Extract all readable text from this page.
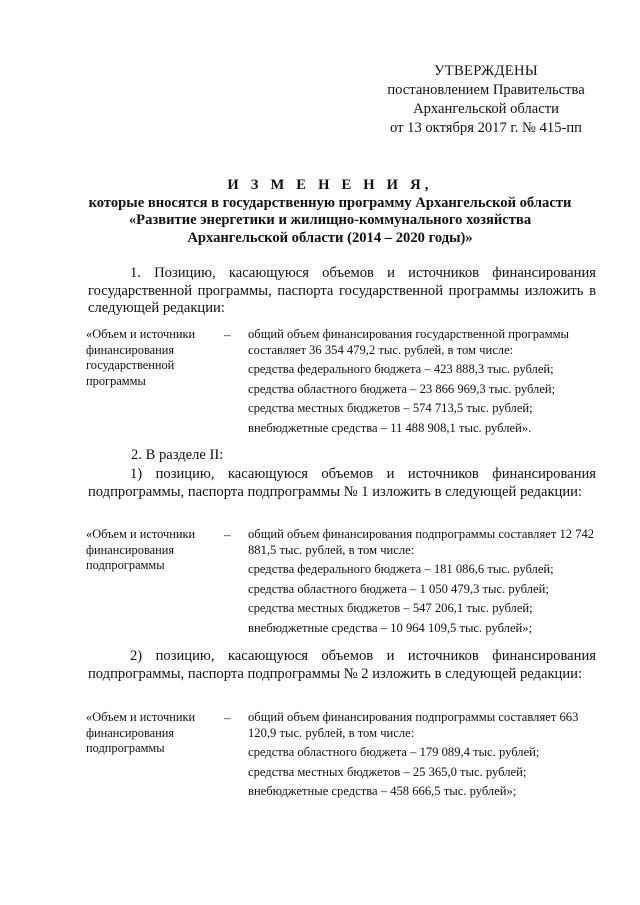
УТВЕРЖДЕНЫ
постановлением Правительства
Архангельской области
от 13 октября 2017 г. № 415-пп
И З М Е Н Е Н И Я,
которые вносятся в государственную программу Архангельской области
«Развитие энергетики и жилищно-коммунального хозяйства
Архангельской области (2014 – 2020 годы)»
1. Позицию, касающуюся объемов и источников финансирования государственной программы, паспорта государственной программы изложить в следующей редакции:
«Объем и источники финансирования государственной программы
– общий объем финансирования государственной программы составляет 36 354 479,2 тыс. рублей, в том числе:
средства федерального бюджета – 423 888,3 тыс. рублей;
средства областного бюджета – 23 866 969,3 тыс. рублей;
средства местных бюджетов – 574 713,5 тыс. рублей;
внебюджетные средства – 11 488 908,1 тыс. рублей».
2. В разделе II:
1) позицию, касающуюся объемов и источников финансирования подпрограммы, паспорта подпрограммы № 1 изложить в следующей редакции:
«Объем и источники финансирования подпрограммы
– общий объем финансирования подпрограммы составляет 12 742 881,5 тыс. рублей, в том числе:
средства федерального бюджета – 181 086,6 тыс. рублей;
средства областного бюджета – 1 050 479,3 тыс. рублей;
средства местных бюджетов – 547 206,1 тыс. рублей;
внебюджетные средства – 10 964 109,5 тыс. рублей»;
2) позицию, касающуюся объемов и источников финансирования подпрограммы, паспорта подпрограммы № 2 изложить в следующей редакции:
«Объем и источники финансирования подпрограммы
– общий объем финансирования подпрограммы составляет 663 120,9 тыс. рублей, в том числе:
средства областного бюджета – 179 089,4 тыс. рублей;
средства местных бюджетов – 25 365,0 тыс. рублей;
внебюджетные средства – 458 666,5 тыс. рублей»;
